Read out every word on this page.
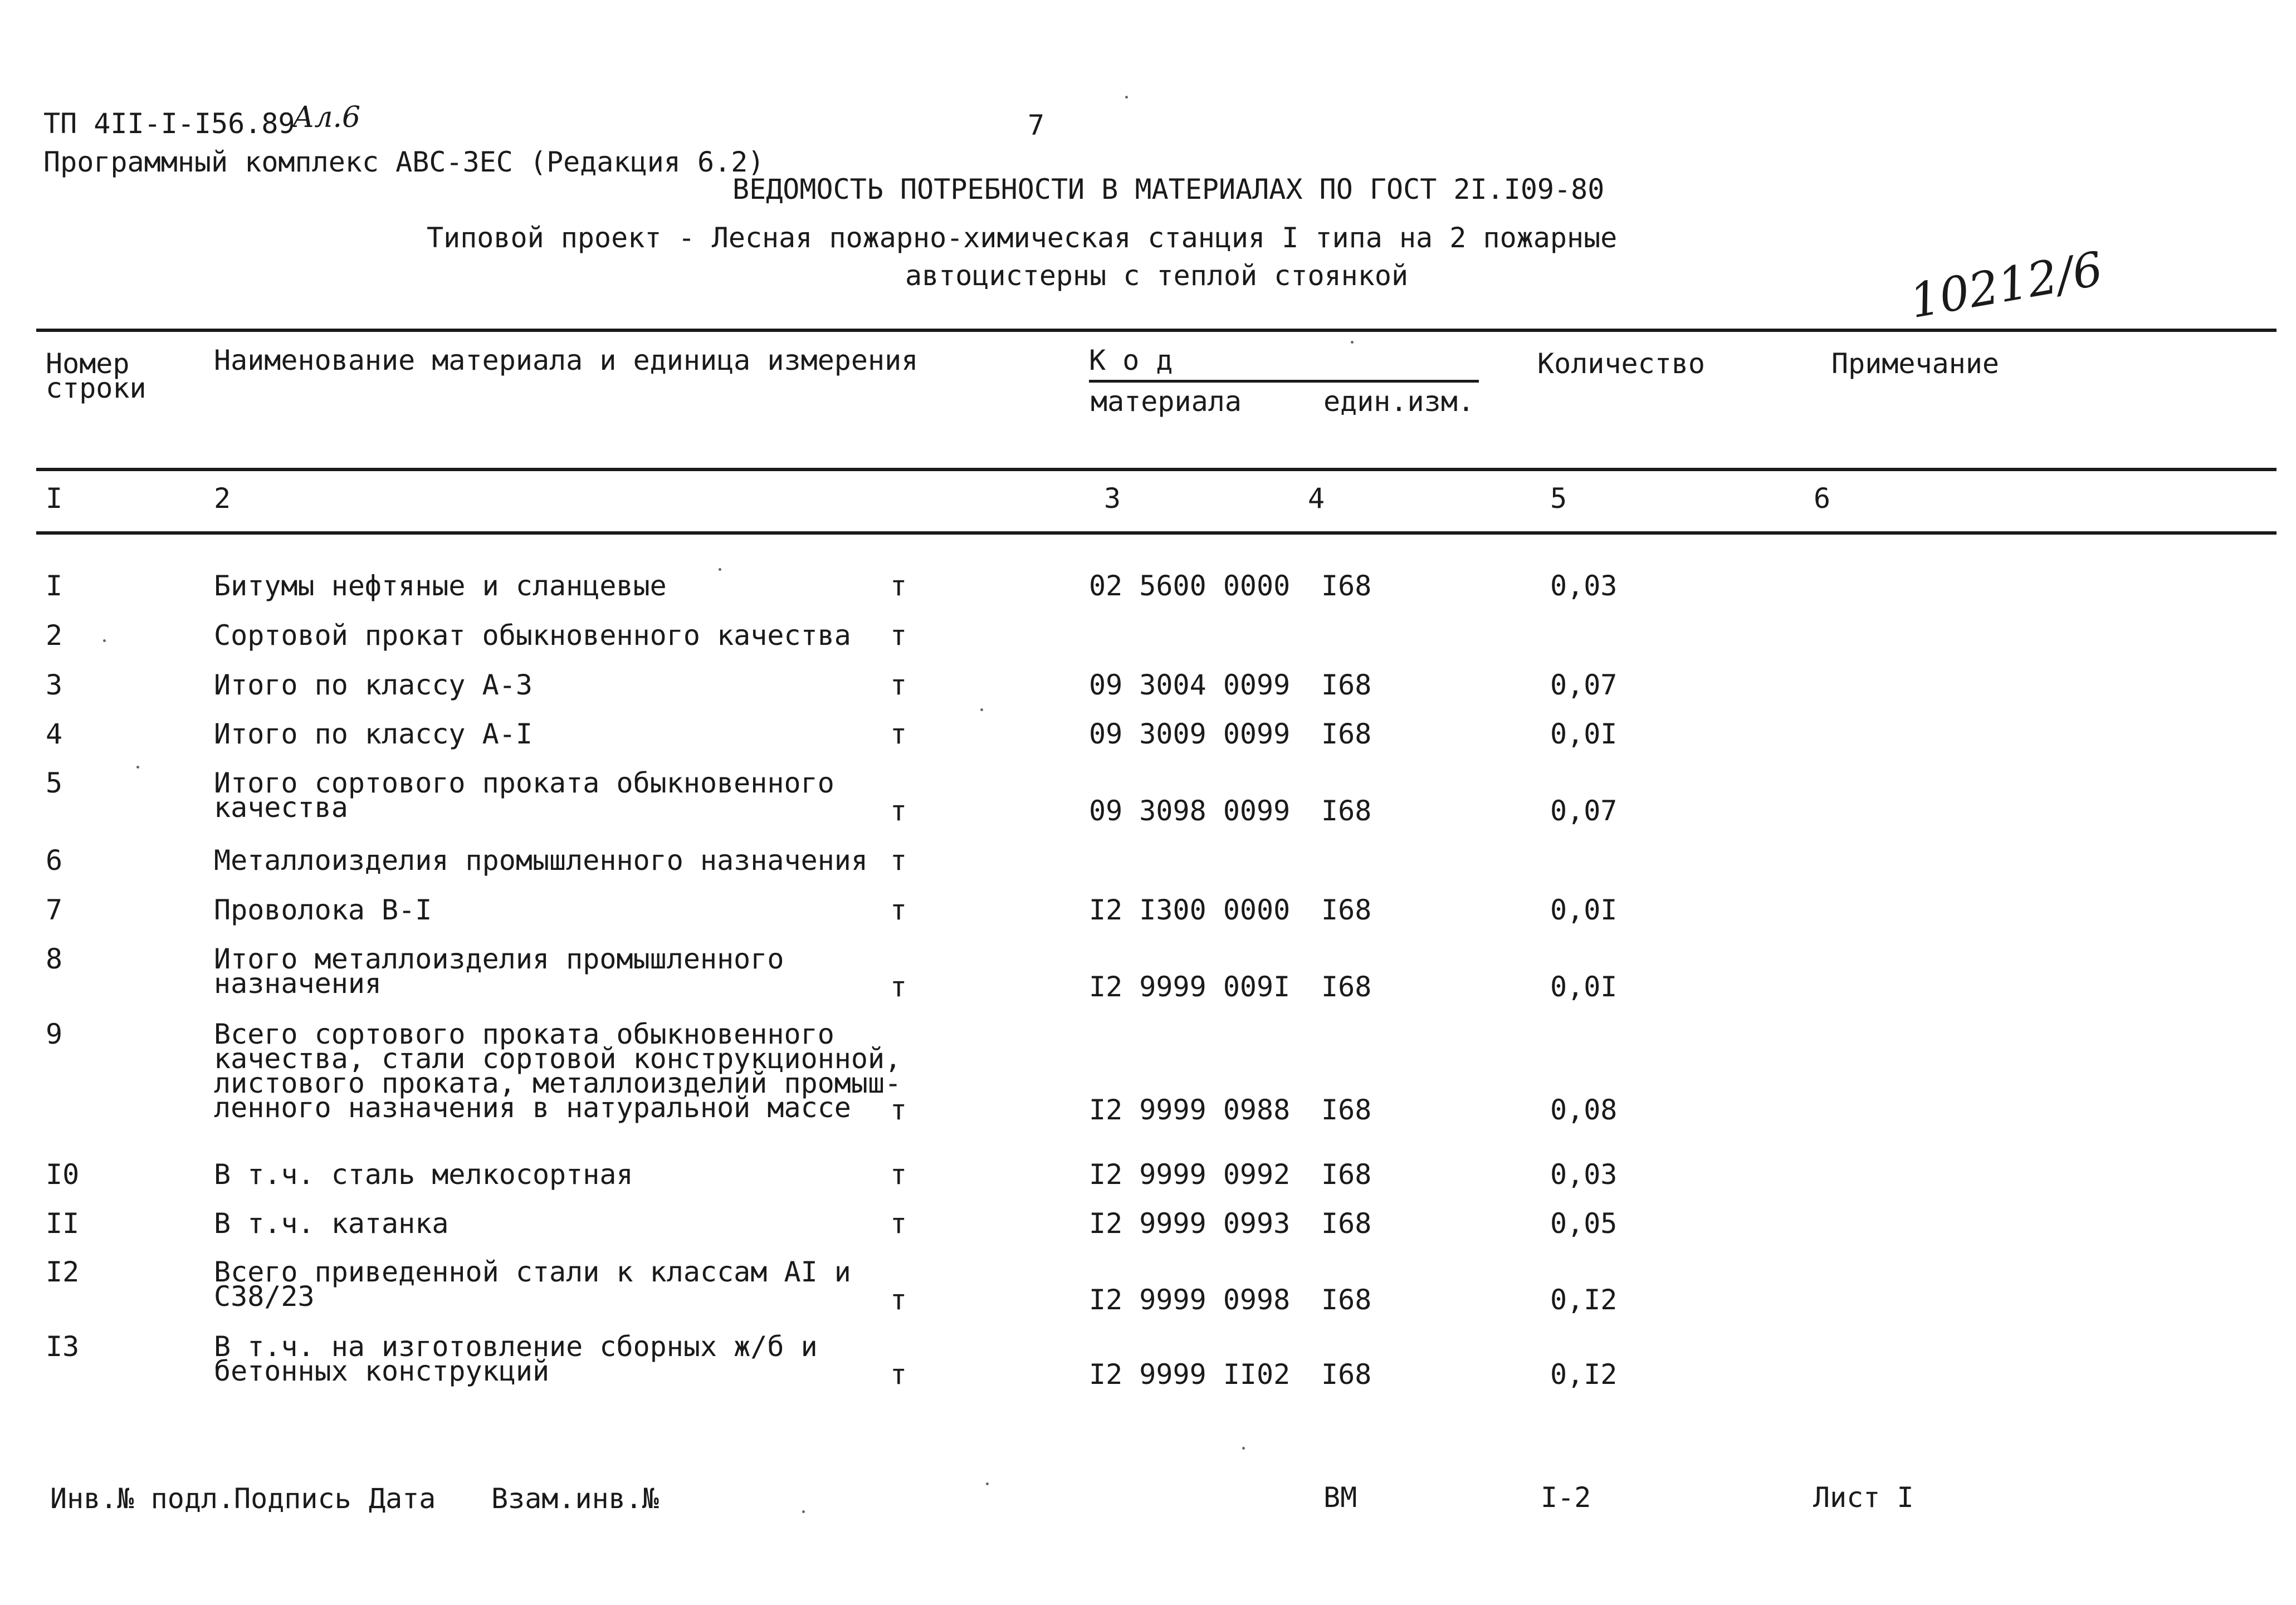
ТП 4II-I-I56.89
Ал.6	7
Программный комплекс АВС-3ЕС (Редакция 6.2)
ВЕДОМОСТЬ ПОТРЕБНОСТИ В МАТЕРИАЛАХ ПО ГОСТ 2I.I09-80
Типовой проект - Лесная пожарно-химическая станция I типа на 2 пожарные
автоцистерны с теплой стоянкой	10212/6
Номер
строки
Наименование материала и единица измерения	К о д
материала	един.изм.
Количество	Примечание
I	2	3	4	5	6
I	Битумы нефтяные и сланцевые	т	02 5600 0000 I68	0,03
2	Сортовой прокат обыкновенного качества т
3	Итого по классу А-3	т	09 3004 0099 I68	0,07
4	Итого по классу А-I	т	09 3009 0099 I68	0,0I
5	Итого сортового проката обыкновенного
качества	т	09 3098 0099 I68	0,07
6	Металлоизделия промышленного назначения т
7	Проволока В-I	т	I2 I300 0000 I68	0,0I
8	Итого металлоизделия промышленного
назначения	т	I2 9999 009I I68	0,0I
9	Всего сортового проката обыкновенного
качества, стали сортовой конструкционной,
листового проката, металлоизделий промыш-
ленного назначения в натуральной массе т	I2 9999 0988 I68	0,08
I0	В т.ч. сталь мелкосортная	т	I2 9999 0992 I68	0,03
II	В т.ч. катанка	т	I2 9999 0993 I68	0,05
I2	Всего приведенной стали к классам АI и
С38/23	т	I2 9999 0998 I68	0,I2
I3	В т.ч. на изготовление сборных ж/б и
бетонных конструкций	т	I2 9999 II02 I68	0,I2
Инв.№ подл.
Подпись Дата Взам.инв.№	ВМ	I-2	Лист I
